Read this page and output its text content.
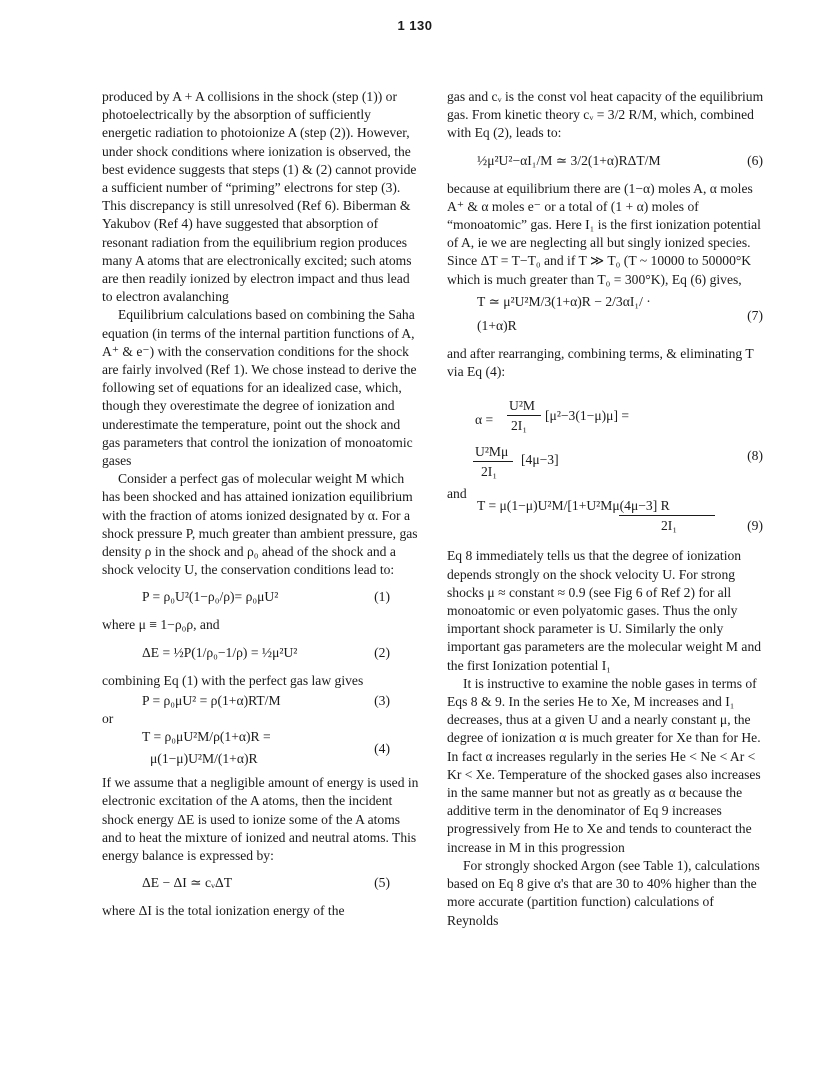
1 130

produced by A + A collisions in the shock (step (1)) or photoelectrically by the absorption of sufficiently energetic radiation to photoionize A (step (2)). However, under shock conditions where ionization is observed, the best evidence suggests that steps (1) & (2) cannot provide a sufficient number of “priming” electrons for step (3). This discrepancy is still unresolved (Ref 6). Biberman & Yakubov (Ref 4) have suggested that absorption of resonant radiation from the equilibrium region produces many A atoms that are electronically excited; such atoms are then readily ionized by electron impact and thus lead to electron avalanching

Equilibrium calculations based on combining the Saha equation (in terms of the internal partition functions of A, A⁺ & e⁻) with the conservation conditions for the shock are fairly involved (Ref 1). We chose instead to derive the following set of equations for an idealized case, which, though they overestimate the degree of ionization and underestimate the temperature, point out the shock and gas parameters that control the ionization of monoatomic gases

Consider a perfect gas of molecular weight M which has been shocked and has attained ionization equilibrium with the fraction of atoms ionized designated by α. For a shock pressure P, much greater than ambient pressure, gas density ρ in the shock and ρ₀ ahead of the shock and a shock velocity U, the conservation conditions lead to:

P = ρ₀U²(1−ρ₀/ρ)= ρ₀μU²	(1)

where μ ≡ 1−ρ₀ρ, and

ΔE = ½P(1/ρ₀−1/ρ) = ½μ²U²	(2)

combining Eq (1) with the perfect gas law gives

P = ρ₀μU² = ρ(1+α)RT/M	(3)

or

T = ρ₀μU²M/ρ(1+α)R =
μ(1−μ)U²M/(1+α)R
(4)

If we assume that a negligible amount of energy is used in electronic excitation of the A atoms, then the incident shock energy ΔE is used to ionize some of the A atoms and to heat the mixture of ionized and neutral atoms. This energy balance is expressed by:

ΔE − ΔI ≃ cᵥΔT	(5)

where ΔI is the total ionization energy of the

gas and cᵥ is the const vol heat capacity of the equilibrium gas. From kinetic theory cᵥ = 3/2 R/M, which, combined with Eq (2), leads to:

½μ²U²−αI₁/M ≃ 3/2(1+α)RΔT/M	(6)

because at equilibrium there are (1−α) moles A, α moles A⁺ & α moles e⁻ or a total of (1 + α) moles of “monoatomic” gas. Here I₁ is the first ionization potential of A, ie we are neglecting all but singly ionized species. Since ΔT = T−T₀ and if T ≫ T₀ (T ~ 10000 to 50000°K which is much greater than T₀ = 300°K), Eq (6) gives,

T ≃ μ²U²M/3(1+α)R − 2/3αI₁/ ·
(1+α)R
(7)

and after rearranging, combining terms, & eliminating T via Eq (4):

α =
U²M
2I₁
[μ²−3(1−μ)μ] =
U²Mμ
2I₁
[4μ−3]	(8)

and

T = μ(1−μ)U²M/[1+U²Mμ(4μ−3] R
2I₁	(9)

Eq 8 immediately tells us that the degree of ionization depends strongly on the shock velocity U. For strong shocks μ ≈ constant ≈ 0.9 (see Fig 6 of Ref 2) for all monoatomic or even polyatomic gases. Thus the only important shock parameter is U. Similarly the only important gas parameters are the molecular weight M and the first Ionization potential I₁

It is instructive to examine the noble gases in terms of Eqs 8 & 9. In the series He to Xe, M increases and I₁ decreases, thus at a given U and a nearly constant μ, the degree of ionization α is much greater for Xe than for He.

In fact α increases regularly in the series He < Ne < Ar < Kr < Xe. Temperature of the shocked gases also increases in the same manner but not as greatly as α because the additive term in the denominator of Eq 9 increases progressively from He to Xe and tends to counteract the increase in M in this progression

For strongly shocked Argon (see Table 1), calculations based on Eq 8 give α's that are 30 to 40% higher than the more accurate (partition function) calculations of Reynolds
